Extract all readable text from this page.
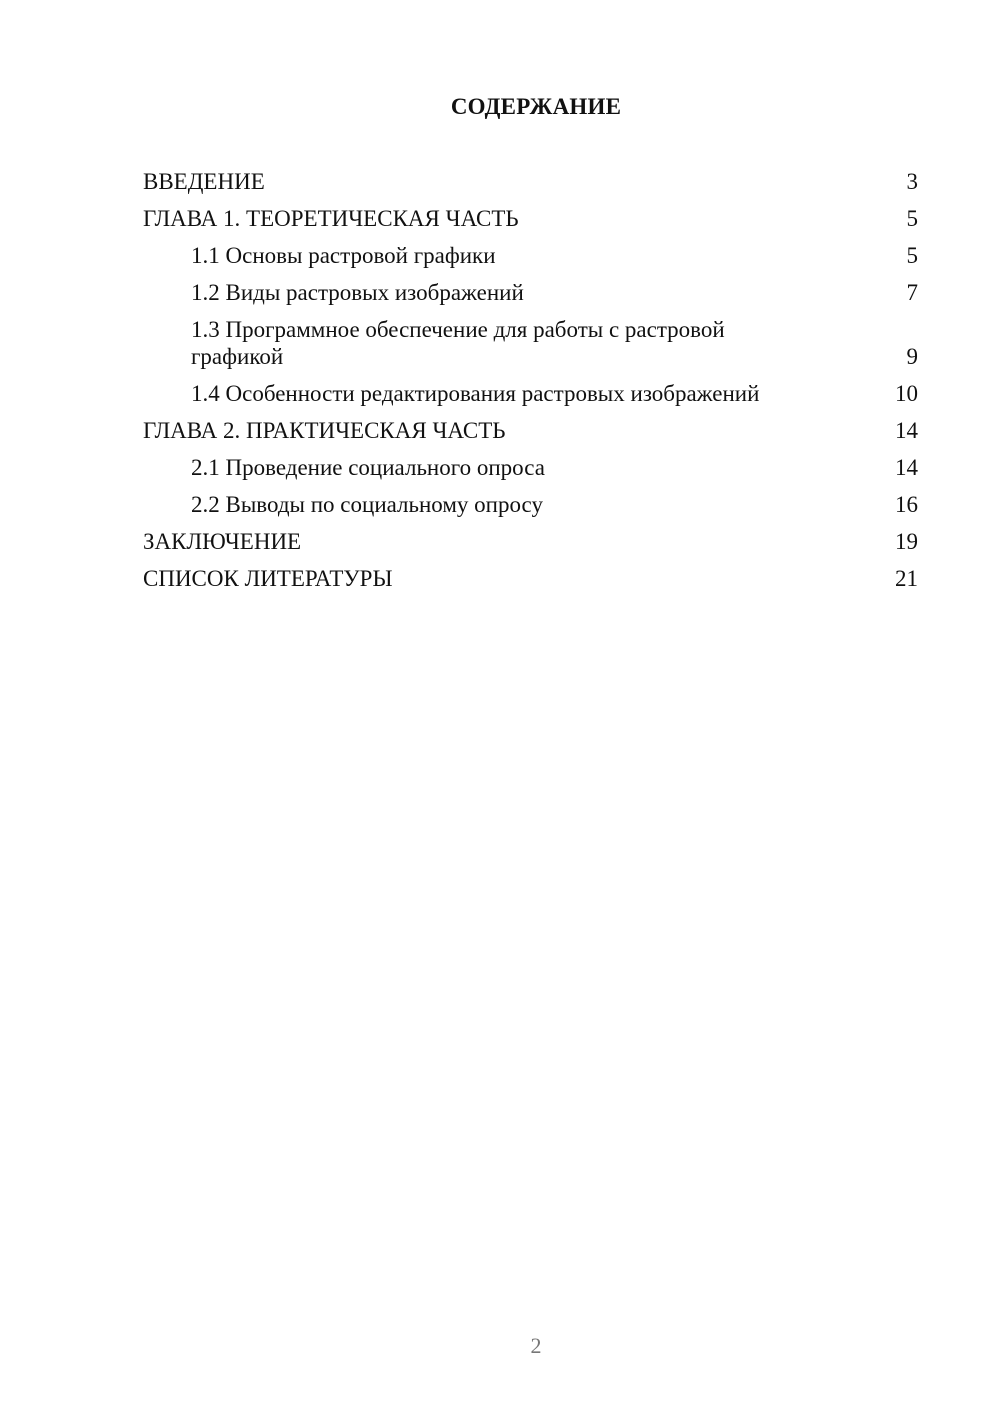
СОДЕРЖАНИЕ
ВВЕДЕНИЕ	3
ГЛАВА 1. ТЕОРЕТИЧЕСКАЯ ЧАСТЬ	5
1.1 Основы растровой графики	5
1.2 Виды растровых изображений	7
1.3 Программное обеспечение для работы с растровой графикой	9
1.4 Особенности редактирования растровых изображений	10
ГЛАВА 2. ПРАКТИЧЕСКАЯ ЧАСТЬ	14
2.1 Проведение социального опроса	14
2.2 Выводы по социальному опросу	16
ЗАКЛЮЧЕНИЕ	19
СПИСОК ЛИТЕРАТУРЫ	21
2
